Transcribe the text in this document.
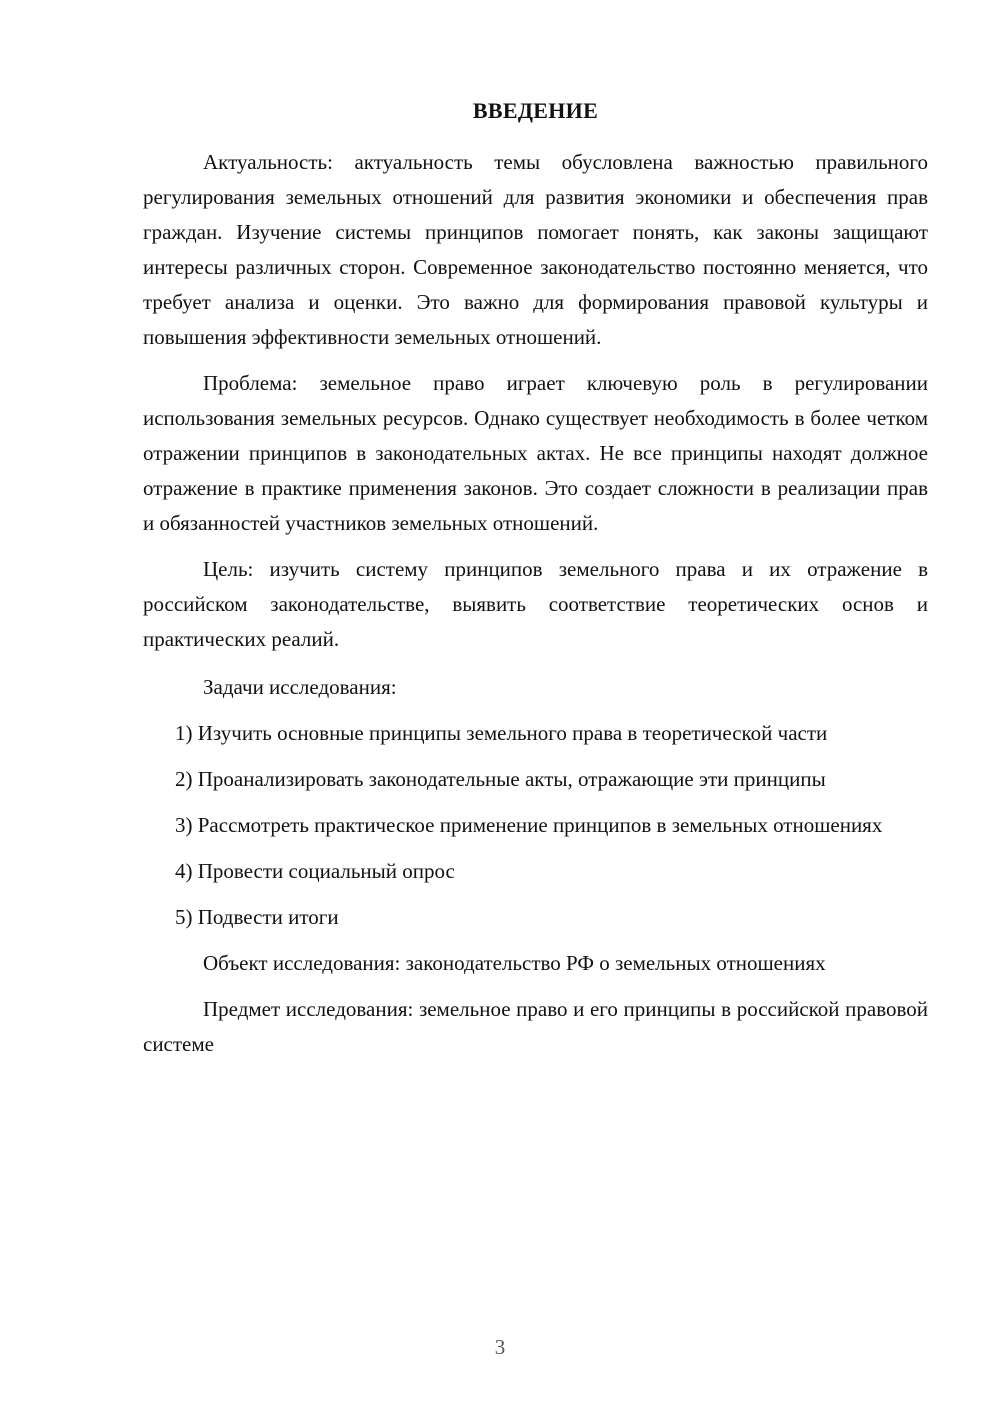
ВВЕДЕНИЕ

Актуальность: актуальность темы обусловлена важностью правильного регулирования земельных отношений для развития экономики и обеспечения прав граждан. Изучение системы принципов помогает понять, как законы защищают интересы различных сторон. Современное законодательство постоянно меняется, что требует анализа и оценки. Это важно для формирования правовой культуры и повышения эффективности земельных отношений.

Проблема: земельное право играет ключевую роль в регулировании использования земельных ресурсов. Однако существует необходимость в более четком отражении принципов в законодательных актах. Не все принципы находят должное отражение в практике применения законов. Это создает сложности в реализации прав и обязанностей участников земельных отношений.

Цель: изучить систему принципов земельного права и их отражение в российском законодательстве, выявить соответствие теоретических основ и практических реалий.

Задачи исследования:

1) Изучить основные принципы земельного права в теоретической части

2) Проанализировать законодательные акты, отражающие эти принципы

3) Рассмотреть практическое применение принципов в земельных отношениях

4) Провести социальный опрос

5) Подвести итоги

Объект исследования: законодательство РФ о земельных отношениях

Предмет исследования: земельное право и его принципы в российской правовой системе

3
